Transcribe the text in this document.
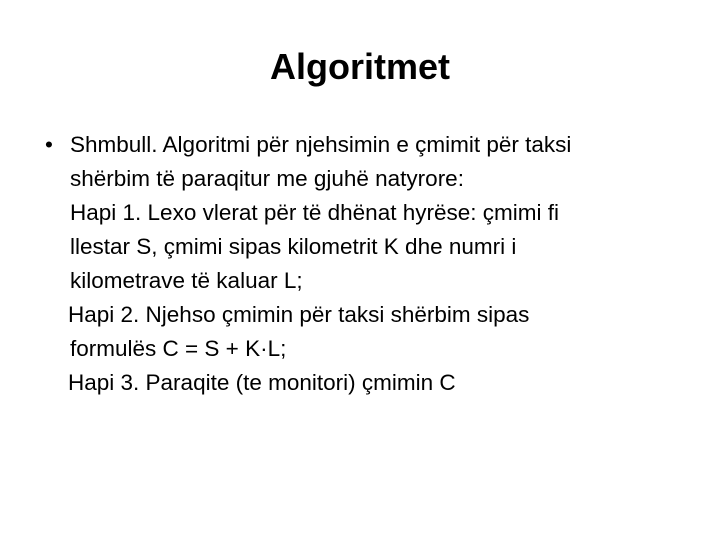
Algoritmet
• Shmbull. Algoritmi për njehsimin e çmimit për taksi
shërbim të paraqitur me gjuhë natyrore:
Hapi 1. Lexo vlerat për të dhënat hyrëse: çmimi fi
llestar S, çmimi sipas kilometrit K dhe numri i
kilometrave të kaluar L;
Hapi 2. Njehso çmimin për taksi shërbim sipas
formulës C = S + K·L;
Hapi 3. Paraqite (te monitori) çmimin C
